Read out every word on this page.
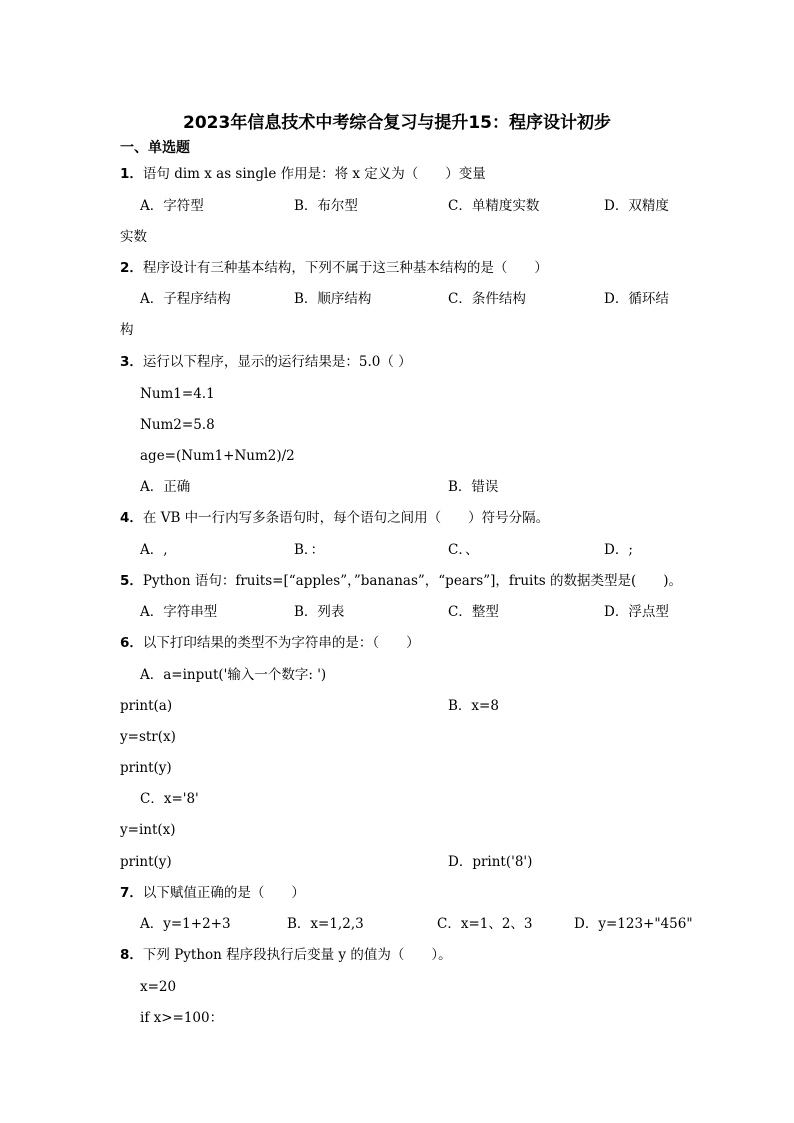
2023年信息技术中考综合复习与提升15：程序设计初步
一、单选题
1．语句 dim x as single 作用是：将 x 定义为（　　）变量
A．字符型	B．布尔型	C．单精度实数	D．双精度
实数
2．程序设计有三种基本结构，下列不属于这三种基本结构的是（　　）
A．子程序结构	B．顺序结构	C．条件结构	D．循环结
构
3．运行以下程序，显示的运行结果是：5.0（ ）
Num1=4.1
Num2=5.8
age=(Num1+Num2)/2
A．正确	B．错误
4．在 VB 中一行内写多条语句时，每个语句之间用（　　）符号分隔。
A．,	B．：	C．、	D．;
5．Python 语句：fruits=[“apples”，”bananas”，“pears”]，fruits 的数据类型是(　　)。
A．字符串型	B．列表	C．整型	D．浮点型
6．以下打印结果的类型不为字符串的是：（　　）
A．a=input('输入一个数字: ')
print(a)	B．x=8
y=str(x)
print(y)
C．x='8'
y=int(x)
print(y)	D．print('8')
7．以下赋值正确的是（　　）
A．y=1+2+3	B．x=1,2,3	C．x=1、2、3	D．y=123+"456"
8．下列 Python 程序段执行后变量 y 的值为（　　）。
x=20
if x>=100：
